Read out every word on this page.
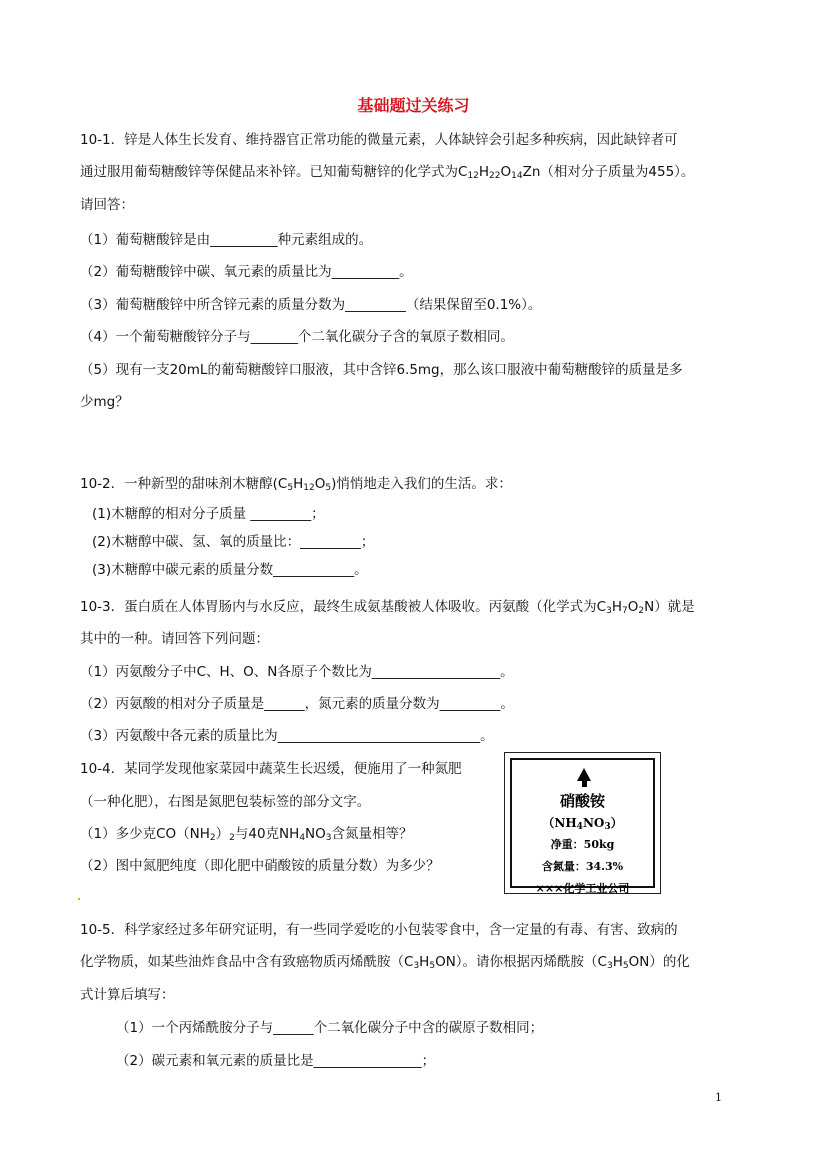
基础题过关练习
10-1．锌是人体生长发育、维持器官正常功能的微量元素，人体缺锌会引起多种疾病，因此缺锌者可
通过服用葡萄糖酸锌等保健品来补锌。已知葡萄糖锌的化学式为$C_{12}H_{22}O_{14}Zn$（相对分子质量为455）。
请回答：
（1）葡萄糖酸锌是由__________种元素组成的。
（2）葡萄糖酸锌中碳、氧元素的质量比为__________。
（3）葡萄糖酸锌中所含锌元素的质量分数为_________（结果保留至0.1%）。
（4）一个葡萄糖酸锌分子与_______个二氧化碳分子含的氧原子数相同。
（5）现有一支20mL的葡萄糖酸锌口服液，其中含锌6.5mg，那么该口服液中葡萄糖酸锌的质量是多
少mg？
10-2．一种新型的甜味剂木糖醇$(C_5H_{12}O_5)$悄悄地走入我们的生活。求：
(1)木糖醇的相对分子质量 _________；
(2)木糖醇中碳、氢、氧的质量比：_________；
(3)木糖醇中碳元素的质量分数____________。
10-3．蛋白质在人体胃肠内与水反应，最终生成氨基酸被人体吸收。丙氨酸（化学式为$C_3H_7O_2N$）就是
其中的一种。请回答下列问题：
（1）丙氨酸分子中C、H、O、N各原子个数比为___________________。
（2）丙氨酸的相对分子质量是______，氮元素的质量分数为_________。
（3）丙氨酸中各元素的质量比为______________________________。
10-4．某同学发现他家菜园中蔬菜生长迟缓，便施用了一种氮肥
（一种化肥），右图是氮肥包装标签的部分文字。
（1）多少克$CO(NH_2)_2$与40克$NH_4NO_3$含氮量相等？
（2）图中氮肥纯度（即化肥中硝酸铵的质量分数）为多少？
硝酸铵
$(NH_4NO_3)$
净重：50kg
含氮量：34.3%
×××化学工业公司
10-5．科学家经过多年研究证明，有一些同学爱吃的小包装零食中，含一定量的有毒、有害、致病的
化学物质，如某些油炸食品中含有致癌物质丙烯酰胺$(C_3H_5ON)$。请你根据丙烯酰胺$(C_3H_5ON)$的化
式计算后填写：
（1）一个丙烯酰胺分子与______个二氧化碳分子中含的碳原子数相同；
（2）碳元素和氧元素的质量比是________________；
1
